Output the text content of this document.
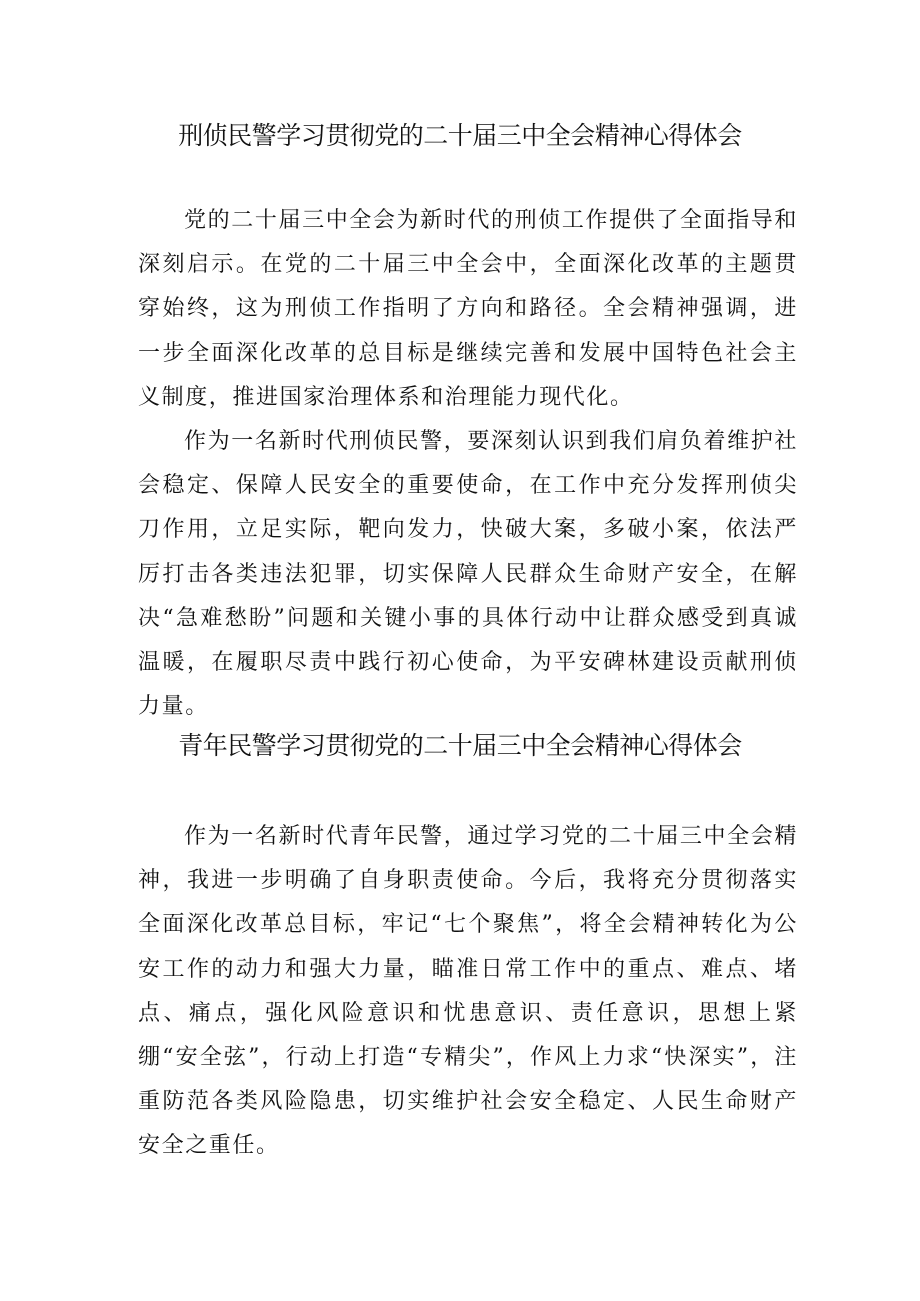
刑侦民警学习贯彻党的二十届三中全会精神心得体会

党的二十届三中全会为新时代的刑侦工作提供了全面指导和深刻启示。在党的二十届三中全会中，全面深化改革的主题贯穿始终，这为刑侦工作指明了方向和路径。全会精神强调，进一步全面深化改革的总目标是继续完善和发展中国特色社会主义制度，推进国家治理体系和治理能力现代化。

作为一名新时代刑侦民警，要深刻认识到我们肩负着维护社会稳定、保障人民安全的重要使命，在工作中充分发挥刑侦尖刀作用，立足实际，靶向发力，快破大案，多破小案，依法严厉打击各类违法犯罪，切实保障人民群众生命财产安全，在解决“急难愁盼”问题和关键小事的具体行动中让群众感受到真诚温暖，在履职尽责中践行初心使命，为平安碑林建设贡献刑侦力量。

青年民警学习贯彻党的二十届三中全会精神心得体会

作为一名新时代青年民警，通过学习党的二十届三中全会精神，我进一步明确了自身职责使命。今后，我将充分贯彻落实全面深化改革总目标，牢记“七个聚焦”，将全会精神转化为公安工作的动力和强大力量，瞄准日常工作中的重点、难点、堵点、痛点，强化风险意识和忧患意识、责任意识，思想上紧绷“安全弦”，行动上打造“专精尖”，作风上力求“快深实”，注重防范各类风险隐患，切实维护社会安全稳定、人民生命财产安全之重任。
